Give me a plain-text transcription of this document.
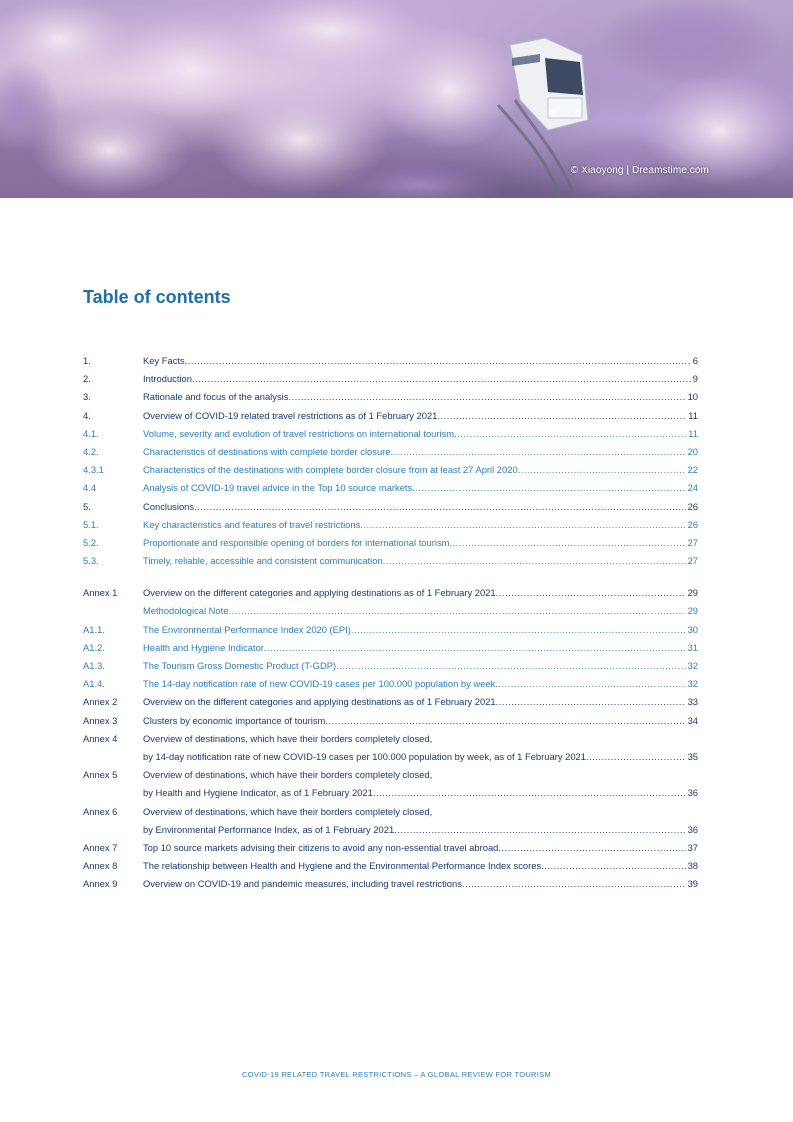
© Xiaoyong | Dreamstime.com
Table of contents
1.	Key Facts .....	6
2.	Introduction .....	9
3.	Rationale and focus of the analysis .....	10
4.	Overview of COVID-19 related travel restrictions as of 1 February 2021 .....	11
4.1.	Volume, severity and evolution of travel restrictions on international tourism .....	11
4.2.	Characteristics of destinations with complete border closure .....	20
4.3.1	Characteristics of the destinations with complete border closure from at least 27 April 2020 .....	22
4.4	Analysis of COVID-19 travel advice in the Top 10 source markets .....	24
5.	Conclusions .....	26
5.1.	Key characteristics and features of travel restrictions .....	26
5.2.	Proportionate and responsible opening of borders for international tourism .....	27
5.3.	Timely, reliable, accessible and consistent communication .....	27
Annex 1	Overview on the different categories and applying destinations as of 1 February 2021 .....	29
Methodological Note .....	29
A1.1.	The Environmental Performance Index 2020 (EPI) .....	30
A1.2.	Health and Hygiene Indicator .....	31
A1.3.	The Tourism Gross Domestic Product (T-GDP) .....	32
A1.4.	The 14-day notification rate of new COVID-19 cases per 100.000 population by week .....	32
Annex 2	Overview on the different categories and applying destinations as of 1 February 2021 .....	33
Annex 3	Clusters by economic importance of tourism .....	34
Annex 4	Overview of destinations, which have their borders completely closed,
by 14-day notification rate of new COVID-19 cases per 100.000 population by week, as of 1 February 2021 .....	35
Annex 5	Overview of destinations, which have their borders completely closed,
by Health and Hygiene Indicator, as of 1 February 2021 .....	36
Annex 6	Overview of destinations, which have their borders completely closed,
by Environmental Performance Index, as of 1 February 2021 .....	36
Annex 7	Top 10 source markets advising their citizens to avoid any non-essential travel abroad .....	37
Annex 8	The relationship between Health and Hygiene and the Environmental Performance Index scores .....	38
Annex 9	Overview on COVID-19 and pandemic measures, including travel restrictions .....	39
COVID-19 RELATED TRAVEL RESTRICTIONS – A GLOBAL REVIEW FOR TOURISM
